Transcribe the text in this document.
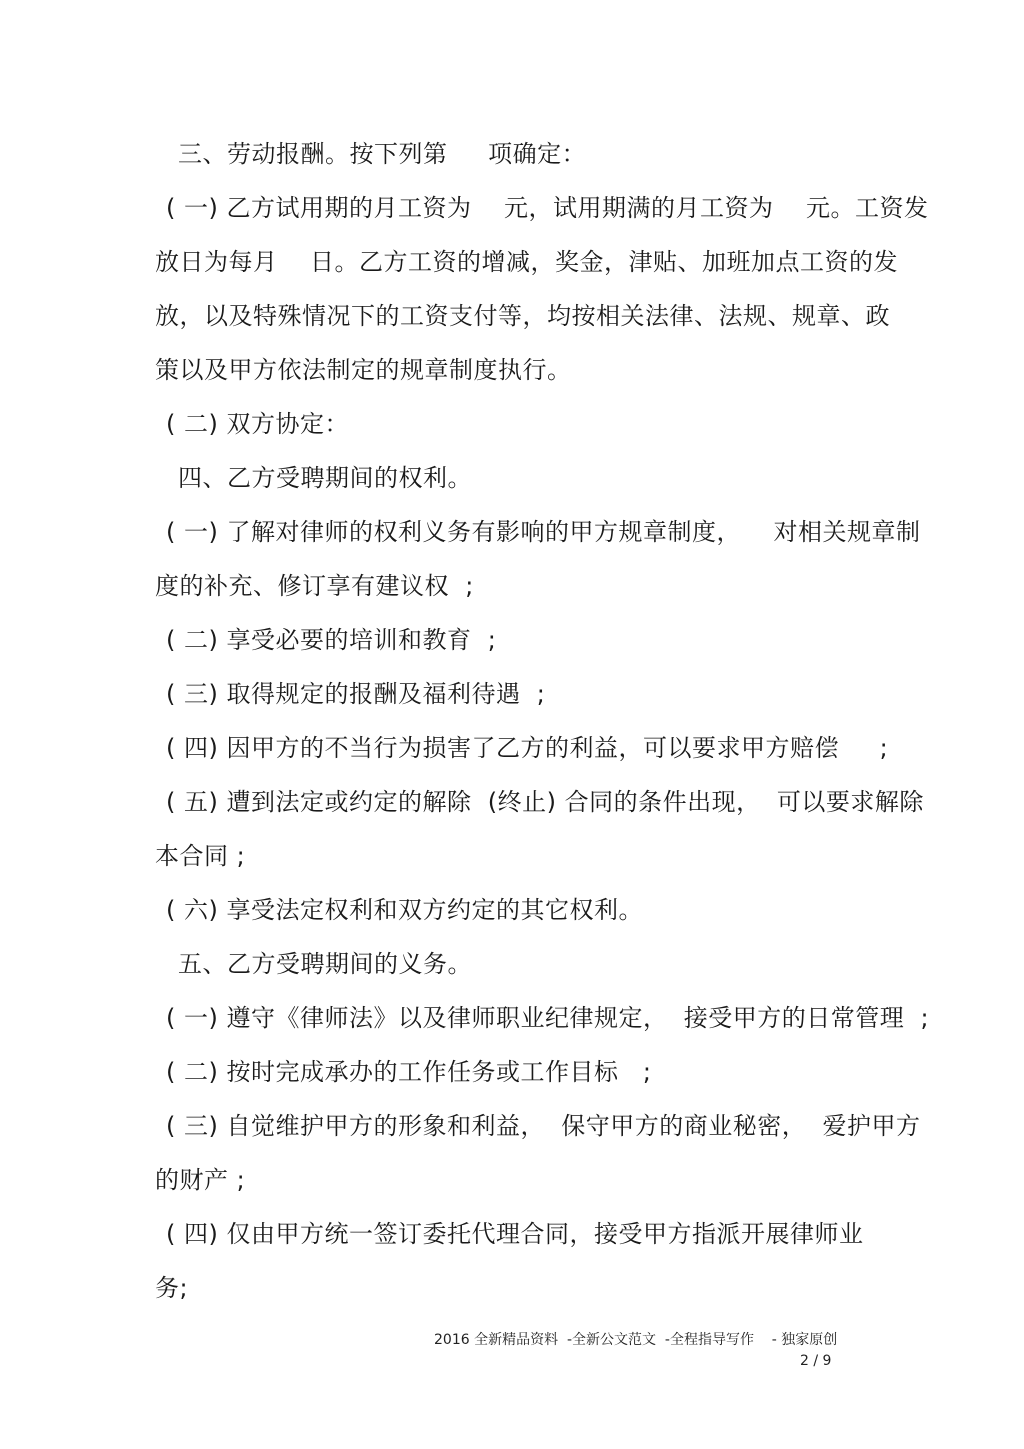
三、劳动报酬。按下列第     项确定：
( 一) 乙方试用期的月工资为    元，试用期满的月工资为    元。工资发
放日为每月    日。乙方工资的增减，奖金，津贴、加班加点工资的发
放，以及特殊情况下的工资支付等，均按相关法律、法规、规章、政
策以及甲方依法制定的规章制度执行。
( 二) 双方协定：
四、乙方受聘期间的权利。
( 一) 了解对律师的权利义务有影响的甲方规章制度，    对相关规章制
度的补充、修订享有建议权  ;
( 二) 享受必要的培训和教育  ;
( 三) 取得规定的报酬及福利待遇  ;
( 四) 因甲方的不当行为损害了乙方的利益，可以要求甲方赔偿     ;
( 五) 遭到法定或约定的解除  (终止) 合同的条件出现，  可以要求解除
本合同 ;
( 六) 享受法定权利和双方约定的其它权利。
五、乙方受聘期间的义务。
( 一) 遵守《律师法》以及律师职业纪律规定，  接受甲方的日常管理  ;
( 二) 按时完成承办的工作任务或工作目标   ;
( 三) 自觉维护甲方的形象和利益，  保守甲方的商业秘密，  爱护甲方
的财产 ;
( 四) 仅由甲方统一签订委托代理合同，接受甲方指派开展律师业
务;
2016 全新精品资料  -全新公文范文  -全程指导写作    - 独家原创
2 / 9
